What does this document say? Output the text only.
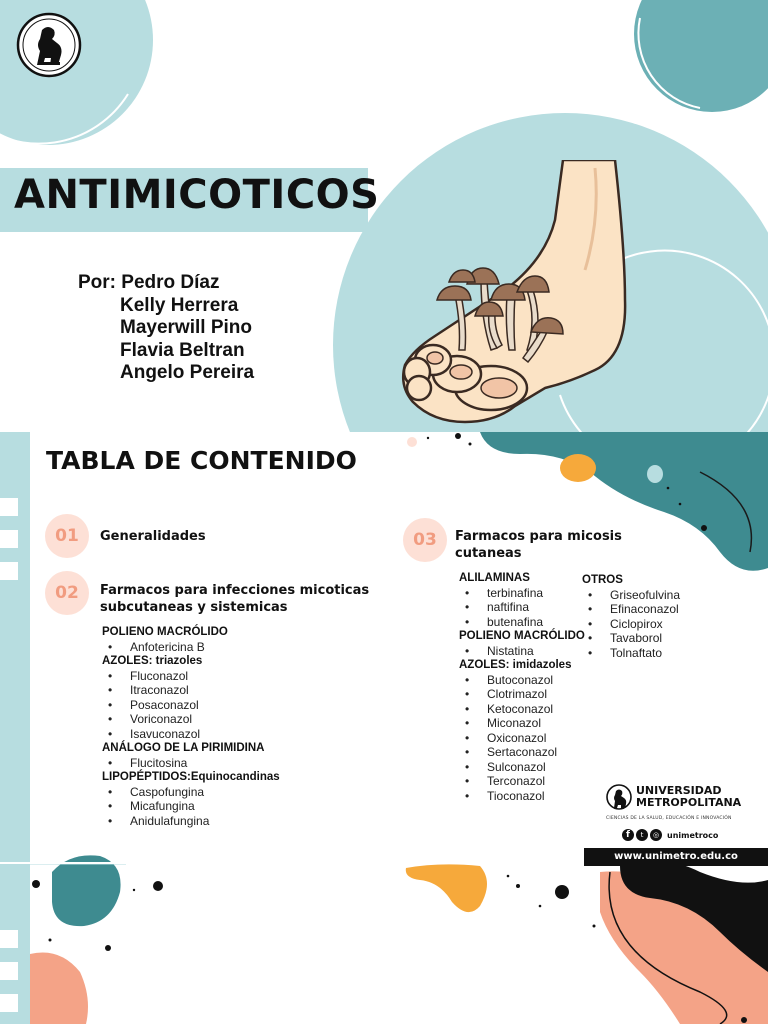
ANTIMICOTICOS
Por: Pedro Díaz
Kelly Herrera
Mayerwill Pino
Flavia Beltran
Angelo Pereira
TABLA DE CONTENIDO
01	Generalidades
02	Farmacos para infecciones micoticas subcutaneas y sistemicas
POLIENO MACRÓLIDO
• Anfotericina B
AZOLES: triazoles
• Fluconazol
• Itraconazol
• Posaconazol
• Voriconazol
• Isavuconazol
ANÁLOGO DE LA PIRIMIDINA
• Flucitosina
LIPOPÉPTIDOS:Equinocandinas
• Caspofungina
• Micafungina
• Anidulafungina
03	Farmacos para micosis cutaneas
ALILAMINAS
• terbinafina
• naftifina
• butenafina
POLIENO MACRÓLIDO
• Nistatina
AZOLES: imidazoles
• Butoconazol
• Clotrimazol
• Ketoconazol
• Miconazol
• Oxiconazol
• Sertaconazol
• Sulconazol
• Terconazol
• Tioconazol
OTROS
• Griseofulvina
• Efinaconazol
• Ciclopirox
• Tavaborol
• Tolnaftato
UNIVERSIDAD
METROPOLITANA
CIENCIAS DE LA SALUD, EDUCACIÓN E INNOVACIÓN
f	t	◎ unimetroco
www.unimetro.edu.co
